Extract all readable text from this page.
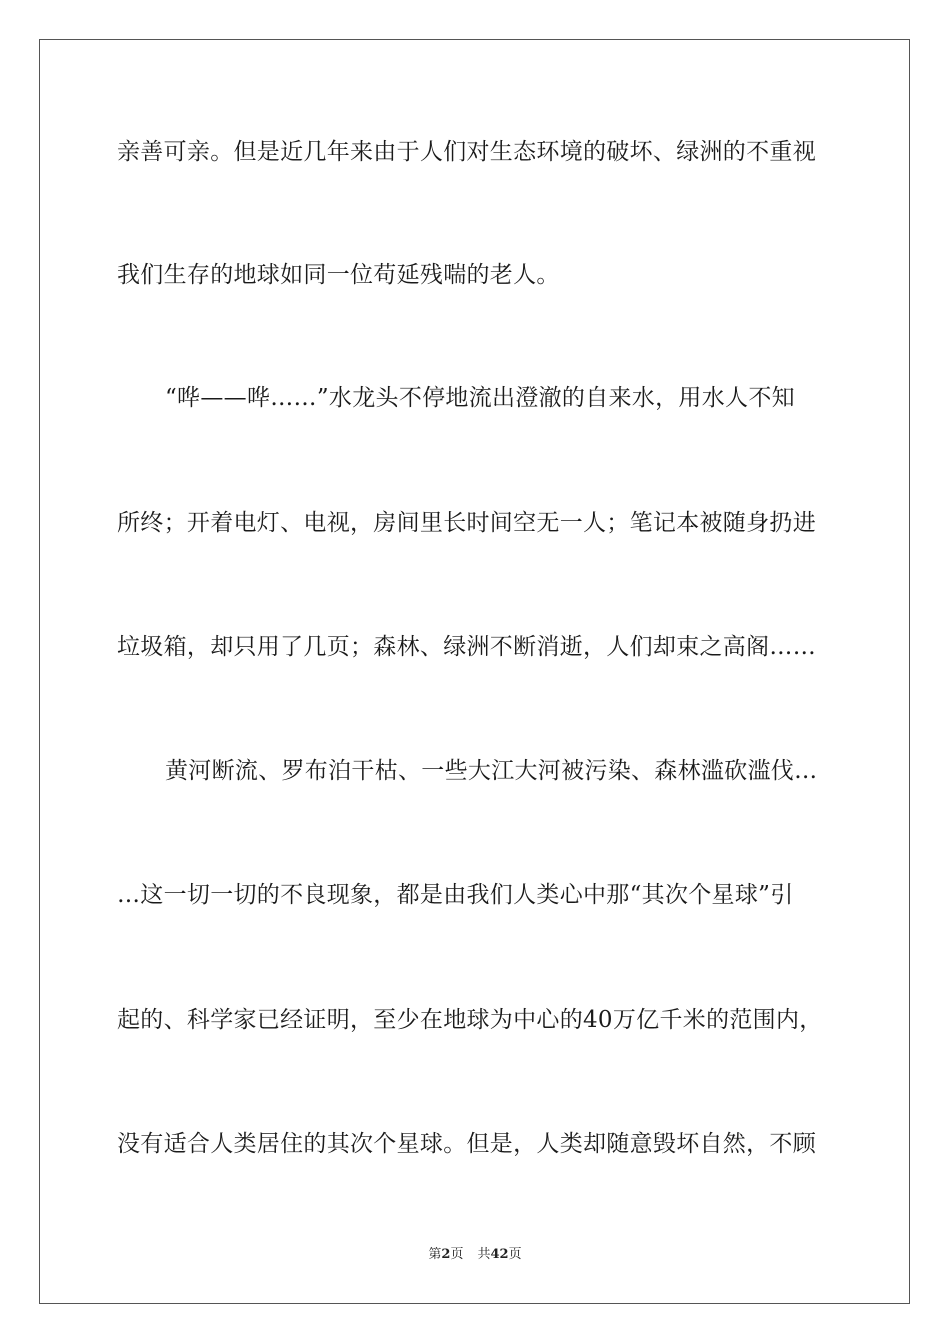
亲善可亲。但是近几年来由于人们对生态环境的破坏、绿洲的不重视
我们生存的地球如同一位苟延残喘的老人。
“哗——哗……”水龙头不停地流出澄澈的自来水，用水人不知
所终；开着电灯、电视，房间里长时间空无一人；笔记本被随身扔进
垃圾箱，却只用了几页；森林、绿洲不断消逝，人们却束之高阁……
黄河断流、罗布泊干枯、一些大江大河被污染、森林滥砍滥伐…
…这一切一切的不良现象，都是由我们人类心中那“其次个星球”引
起的、科学家已经证明，至少在地球为中心的40万亿千米的范围内，
没有适合人类居住的其次个星球。但是，人类却随意毁坏自然，不顾
第2页 共42页
